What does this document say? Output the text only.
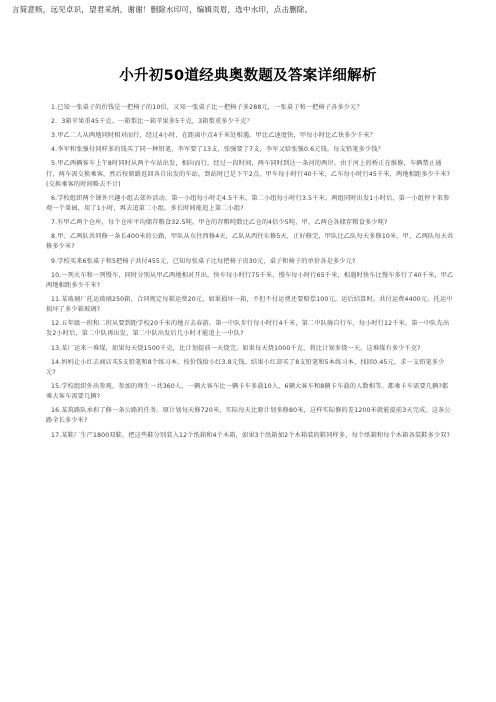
言简意赅，远见卓识，望君采纳，谢谢！删除水印可，编辑页眉，选中水印，点击删除。
小升初50道经典奥数题及答案详细解析

1.已知一张桌子的价钱是一把椅子的10倍，又知一张桌子比一把椅子多288元，一张桌子和一把椅子各多少元？

2．3箱苹果重45千克。一箱梨比一箱苹果多5千克，3箱梨重多少千克？

3.甲乙二人从两地同时相对而行，经过4小时，在距离中点4千米处相遇。甲比乙速度快，甲每小时比乙快多少千米？

4.李军和张强付同样多的钱买了同一种铅笔，李军要了13支，张强要了7支，李军又给张强0.6元钱。每支铅笔多少钱？

5.甲乙两辆客车上午8时同时从两个车站出发，相向而行，经过一段时间，两车同时到达一条河的两岸。由于河上的桥正在维修，车辆禁止通行，两车需交换乘客，然后按原路返回各自出发的车站，到站时已是下午2点。甲车每小时行40千米，乙车每小时行45千米，两地相距多少千米?(交换乘客的时间略去不计)

6.学校组织两个课外兴趣小组去郊外活动。第一小组每小时走4.5千米，第二小组每小时行3.5千米。两组同时出发1小时后，第一小组停下来参观一个果园，用了1小时，再去追第二小组。多长时间能追上第二小组?

7.有甲乙两个仓库，每个仓库平均储存粮食32.5吨。甲仓的存粮吨数比乙仓的4倍少5吨，甲、乙两仓各储存粮食多少吨?

8.甲、乙两队共同修一条长400米的公路，甲队从东往西修4天，乙队从西往东修5天，正好修完，甲队比乙队每天多修10米。甲、乙两队每天共修多少米?

9.学校买来6张桌子和5把椅子共付455元，已知每张桌子比每把椅子贵30元，桌子和椅子的单价各是多少元?

10.一列火车和一列慢车，同时分别从甲乙两地相对开出。快车每小时行75千米，慢车每小时行65千米，相遇时快车比慢车多行了40千米，甲乙两地相距多少千米?

11.某玻璃厂托运玻璃250箱，合同规定每箱运费20元，如果损坏一箱，不但不付运费还要赔偿100元。运后结算时，共付运费4400元。托运中损坏了多少箱玻璃?

12.五年级一班和二班从要到距学校20千米的地方去春游。第一中队步行每小时行4千米，第二中队骑自行车，每小时行12千米。第一中队先出发2小时后，第二中队再出发，第二中队出发后几小时才能追上一中队?

13.某厂运来一堆煤，如果每天烧1500千克，比计划提前一天烧完。如果每天烧1000千克，将比计划多烧一天。这堆煤有多少千克?

14.妈妈让小红去商店买5支铅笔和8个练习本，按价钱给小红3.8元钱。结果小红却买了8支铅笔和5本练习本，找回0.45元，求一支铅笔多少元?

15.学校组织外出参观，参加的师生一共360人，一辆大客车比一辆卡车多载10人，6辆大客车和8辆卡车载的人数相等。都乘卡车需要几辆?都乘大客车需要几辆?

16.某筑路队承担了修一条公路的任务。原计划每天修720米，实际每天比原计划多修80米，这样实际修的差1200米就能提前3天完成。这条公路全长多少米?

17.某鞋厂生产1800双鞋，把这些鞋分别装入12个纸箱和4个木箱，如果3个纸箱加2个木箱装的鞋同样多，每个纸箱和每个木箱各装鞋多少双?
